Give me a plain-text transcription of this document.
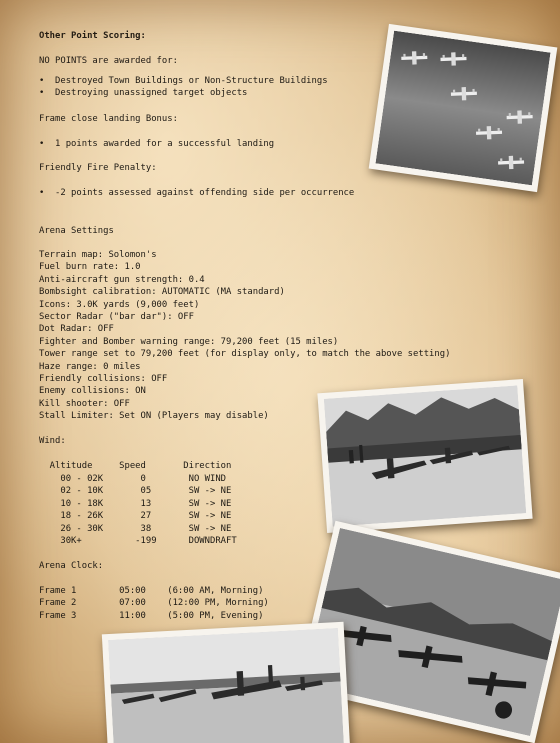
Other Point Scoring:

NO POINTS are awarded for:

•  Destroyed Town Buildings or Non-Structure Buildings

•  Destroying unassigned target objects

Frame close landing Bonus:

•  1 points awarded for a successful landing

Friendly Fire Penalty:

•  -2 points assessed against offending side per occurrence

Arena Settings

Terrain map: Solomon's

Fuel burn rate: 1.0

Anti-aircraft gun strength: 0.4

Bombsight calibration: AUTOMATIC (MA standard)

Icons: 3.0K yards (9,000 feet)

Sector Radar ("bar dar"): OFF

Dot Radar: OFF

Fighter and Bomber warning range: 79,200 feet (15 miles)

Tower range set to 79,200 feet (for display only, to match the above setting)

Haze range: 0 miles

Friendly collisions: OFF

Enemy collisions: ON

Kill shooter: OFF

Stall Limiter: Set ON (Players may disable)

Wind:

Altitude     Speed       Direction

00 - 02K       0        NO WIND

02 - 10K       05       SW -> NE

10 - 18K       13       SW -> NE

18 - 26K       27       SW -> NE

26 - 30K       38       SW -> NE

30K+          -199      DOWNDRAFT

Arena Clock:

Frame 1        05:00    (6:00 AM, Morning)

Frame 2        07:00    (12:00 PM, Morning)

Frame 3        11:00    (5:00 PM, Evening)
